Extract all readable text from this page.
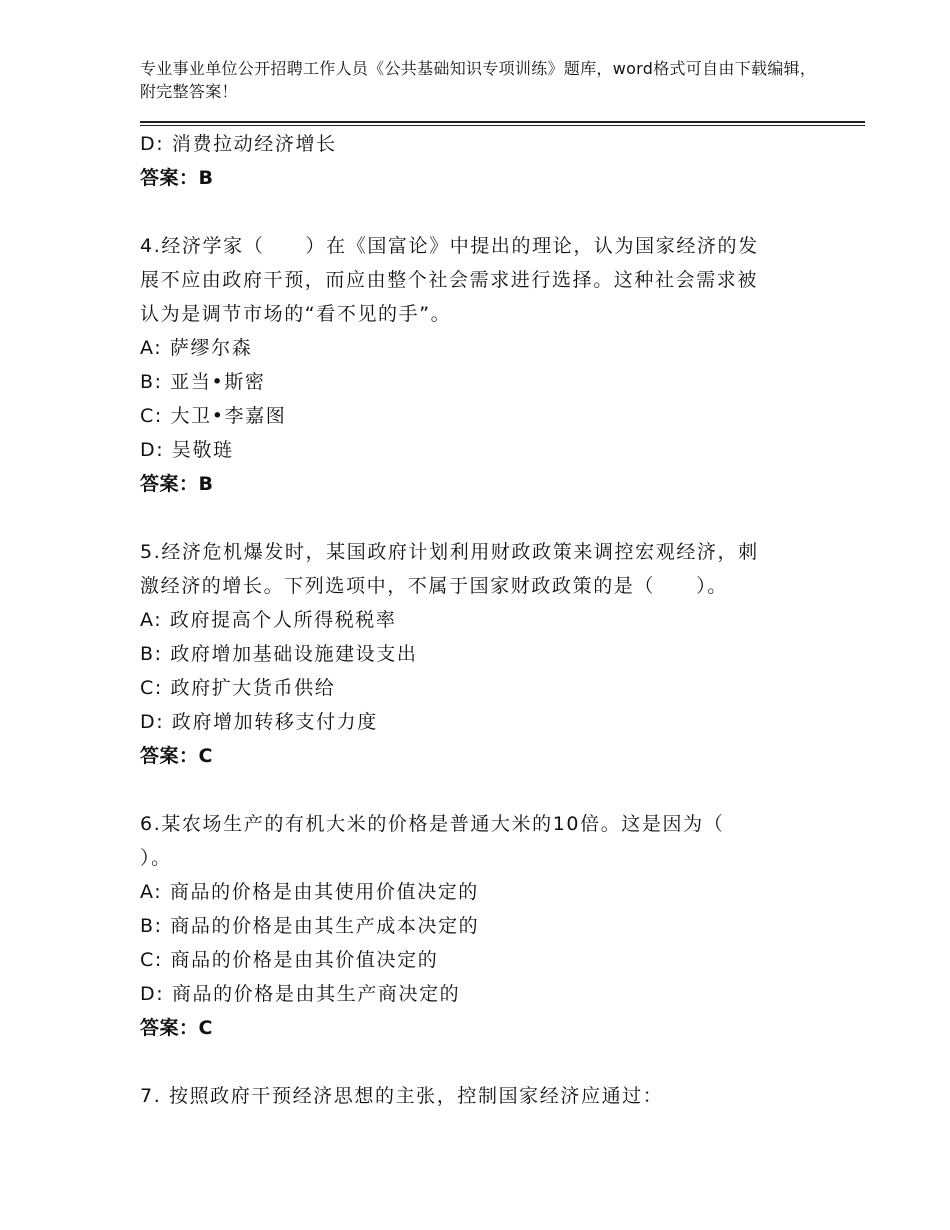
专业事业单位公开招聘工作人员《公共基础知识专项训练》题库，word格式可自由下载编辑，附完整答案！
D: 消费拉动经济增长
答案：B
4.经济学家（　　）在《国富论》中提出的理论，认为国家经济的发
展不应由政府干预，而应由整个社会需求进行选择。这种社会需求被
认为是调节市场的“看不见的手”。
A: 萨缪尔森
B: 亚当•斯密
C: 大卫•李嘉图
D: 吴敬琏
答案：B
5.经济危机爆发时，某国政府计划利用财政政策来调控宏观经济，刺
激经济的增长。下列选项中，不属于国家财政政策的是（　　）。
A: 政府提高个人所得税税率
B: 政府增加基础设施建设支出
C: 政府扩大货币供给
D: 政府增加转移支付力度
答案：C
6.某农场生产的有机大米的价格是普通大米的10倍。这是因为（
）。
A: 商品的价格是由其使用价值决定的
B: 商品的价格是由其生产成本决定的
C: 商品的价格是由其价值决定的
D: 商品的价格是由其生产商决定的
答案：C
7. 按照政府干预经济思想的主张，控制国家经济应通过：
